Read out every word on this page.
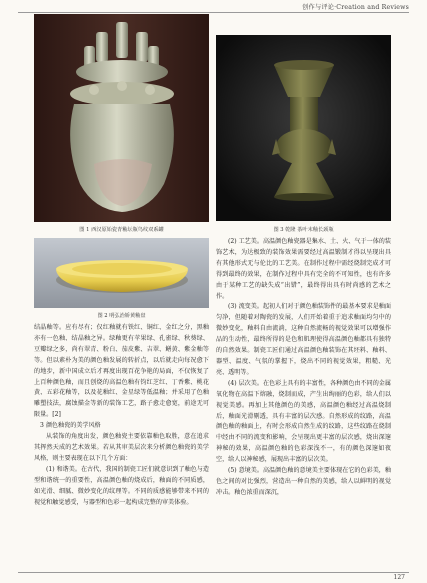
创作与评论·Creation and Reviews
图 1 西汉原始瓷青釉坛瓶鸟纹双系罐	图 3 乾隆 茶叶末釉长颈瓶
图 2 明弘治娇黄釉盘

结晶釉等。应有尽有；仅红釉就有铁红、铜红、金红之分，黑釉亦有一色釉、结晶釉之异。绿釉更有苹果绿、孔雀绿、秋葵绿、豆瓣绿之多，尚有翠青、粉白、茄皮紫、吉翠、鳝黄、紫金釉等等。但以素朴为美的颜色釉发展的转折点，以后就走向每况愈下的地步，新中国成立后才再度出现百花争艳的局面，不仅恢复了上百种颜色釉，而且创烧的高温色釉有钧红芝红、丁香紫、桃花黄、五彩花釉等，以及花釉红、金星绿等低温釉；并采用了色釉雕塑技法，腐蚀描金等新的装饰工艺，路子愈走愈宽，前途无可限量。[2]

3 颜色釉瓷的美学风格

从装饰的角度出发，颜色釉瓷主要依靠釉色取胜，意在追求其挥然天成的艺术效果。若从其审美层次来分析颜色釉瓷的美学风格，则主要表现在以下几个方面：

(1) 和谐美。在古代，我国的制瓷工匠们就意识到了釉色与造型和谐统一的重要性，高温颜色釉的烧成后，釉面的不同质感，如光滑、细腻、微妙变化的纹理等。不同的质感能够带来不同的视觉和触觉感受，与器型和色彩一起构成完整的审美体验。

(2) 工艺美。高温颜色釉瓷器是集水、土、火、气于一体的装饰艺术，为达极致的装饰效果需要经过高温锻制才得以呈现出具有其他形式无与伦比的工艺美。在制作过程中需经烧制完成才可得到最终的效果，在制作过程中具有完全的不可知性，也有许多由于某种工艺的缺失成“出错”，最终得出具有时尚感的艺术之作。

(3) 流变美。起初人们对于颜色釉装饰件的最基本要求是釉面匀净，但随着对陶瓷的发展，人们开始着重于追求釉面均匀中的微妙变化，釉料自由流淌，这种自然流畅的视觉效果可以增强作品的生动性，最终所得的是色和肌理使得高温颜色釉都具有独特的自然效果。制瓷工匠们通过高温颜色釉装饰在其坯料、釉料、器型、温度、气氛的掌握下，烧出不同的视觉效果，粗糙、光亮、透明等。

(4) 层次美。在色彩上具有的丰富性，各种颜色由不同的金属氧化物在高温下熔融，烧制而成，产生出绚丽的色彩，给人们以视觉美感。再加上其他颜色的美感，高温颜色釉经过高温烧制后，釉面光滑剔透，具有丰富的层次感。自然形成的纹路，高温颜色釉的釉面上，有时会形成自然生成的纹路，这些纹路在烧制中经由不同的流变和影响，会呈现出更丰富的层次感，烧出深邃神秘的效果，高温颜色釉的色彩深浅不一，有的颜色深邃如夜空，给人以神秘感，展现出丰富的层次美。

(5) 意境美。高温颜色釉的意境美主要体现在它的色彩美，釉色之间的对比强烈，营造出一种自然的美感，给人以鲜明的视觉冲击。釉色浓重而深沉，

127
